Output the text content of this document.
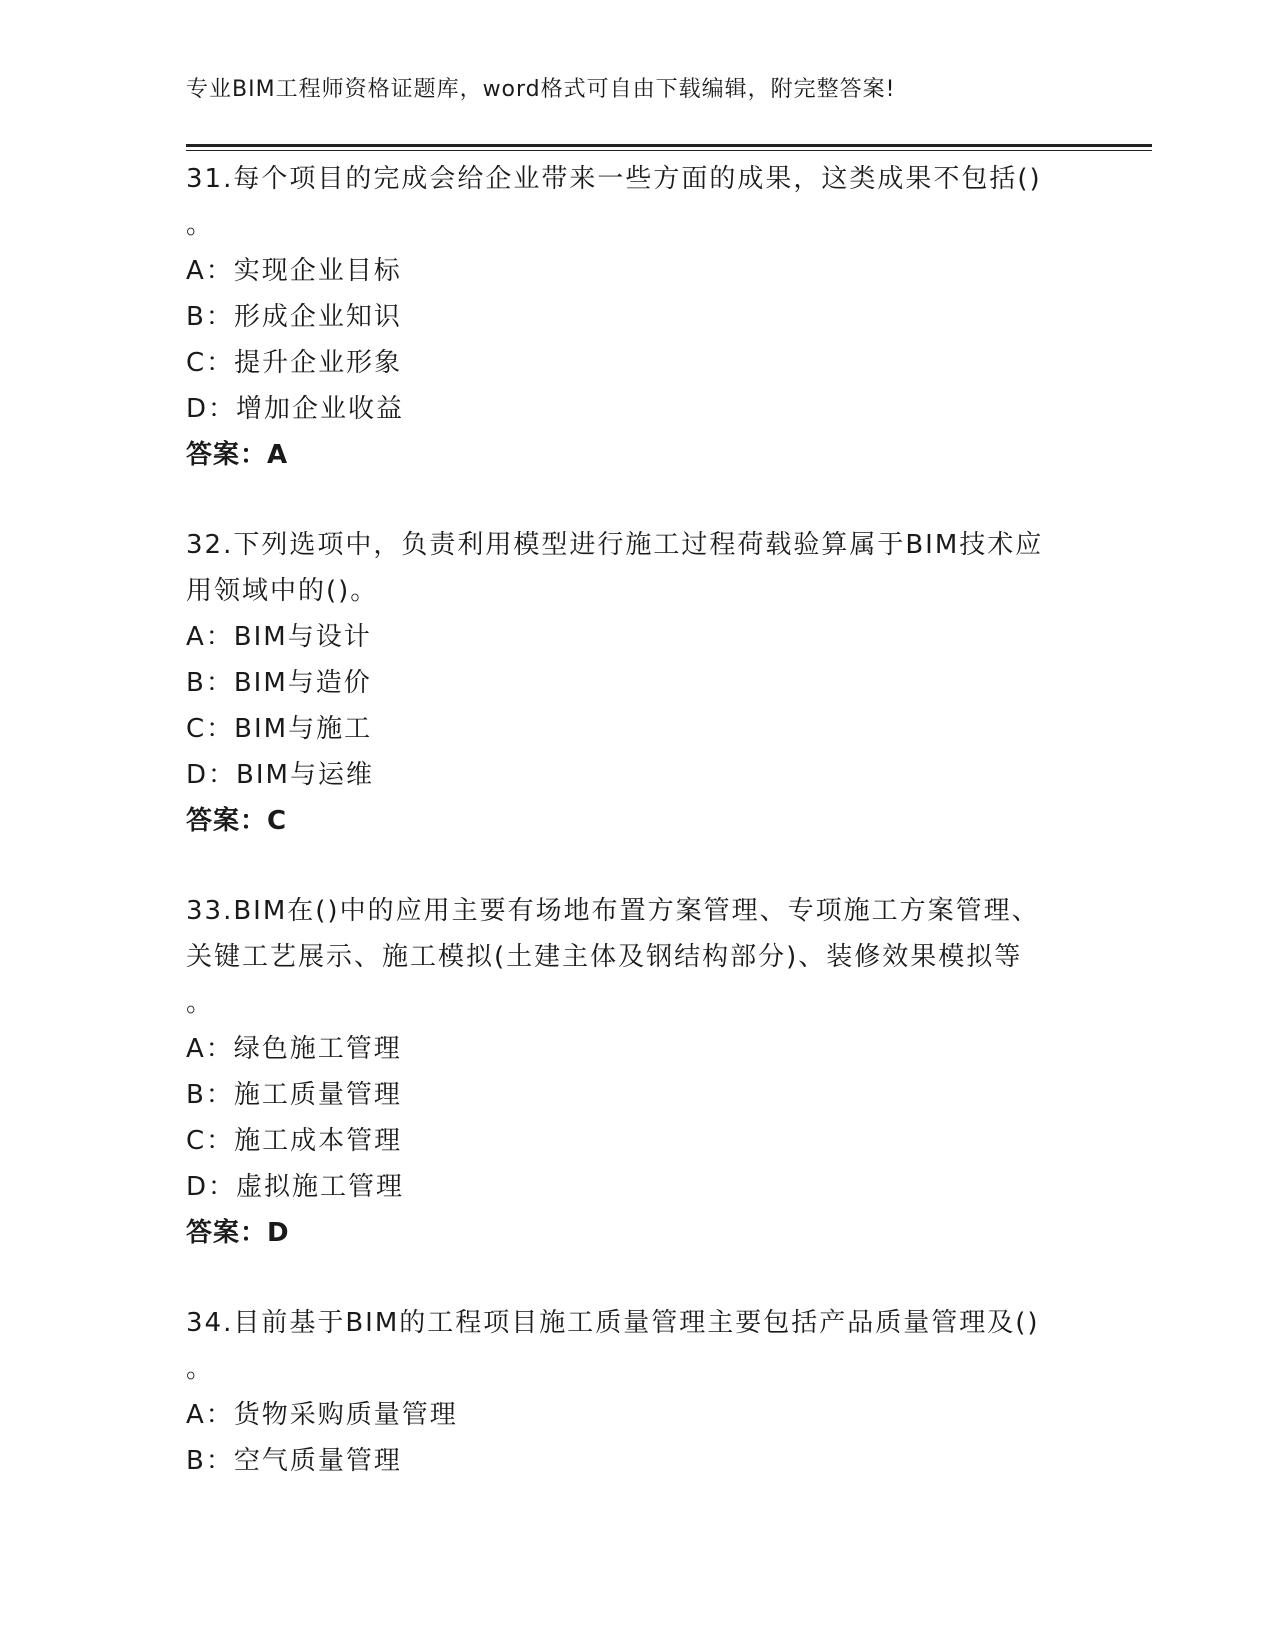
专业BIM工程师资格证题库，word格式可自由下载编辑，附完整答案!
31.每个项目的完成会给企业带来一些方面的成果，这类成果不包括()
。
A：实现企业目标
B：形成企业知识
C：提升企业形象
D：增加企业收益
答案：A
32.下列选项中，负责利用模型进行施工过程荷载验算属于BIM技术应
用领域中的()。
A：BIM与设计
B：BIM与造价
C：BIM与施工
D：BIM与运维
答案：C
33.BIM在()中的应用主要有场地布置方案管理、专项施工方案管理、
关键工艺展示、施工模拟(土建主体及钢结构部分)、装修效果模拟等
。
A：绿色施工管理
B：施工质量管理
C：施工成本管理
D：虚拟施工管理
答案：D
34.目前基于BIM的工程项目施工质量管理主要包括产品质量管理及()
。
A：货物采购质量管理
B：空气质量管理
